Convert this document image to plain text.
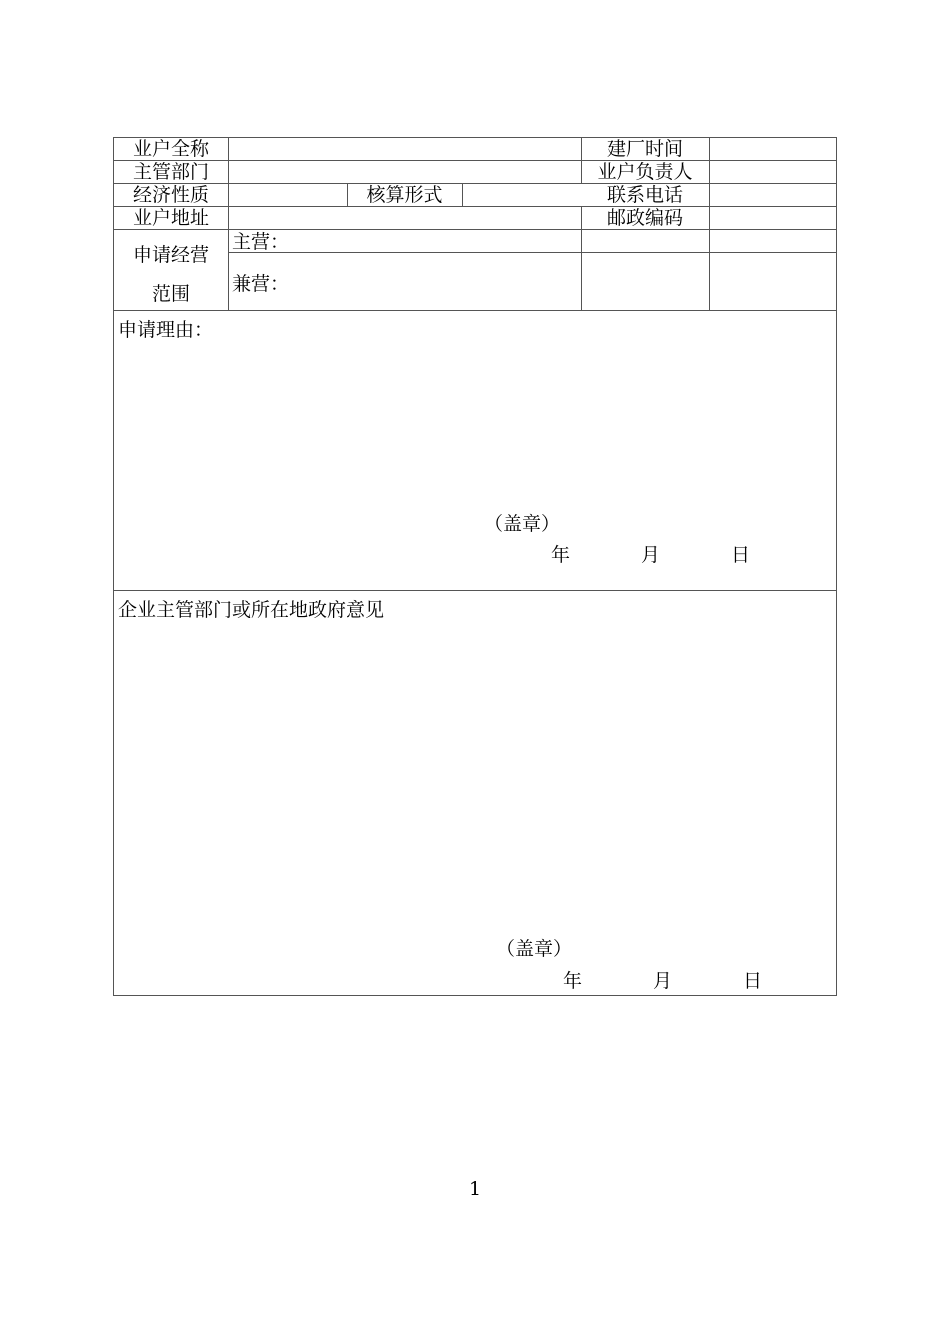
业户全称	建厂时间
主管部门	业户负责人
经济性质	核算形式	联系电话
业户地址	邮政编码
申请经营
范围
主营：
兼营：
申请理由：
（盖章）
年	月	日
企业主管部门或所在地政府意见
（盖章）
年	月	日
1
